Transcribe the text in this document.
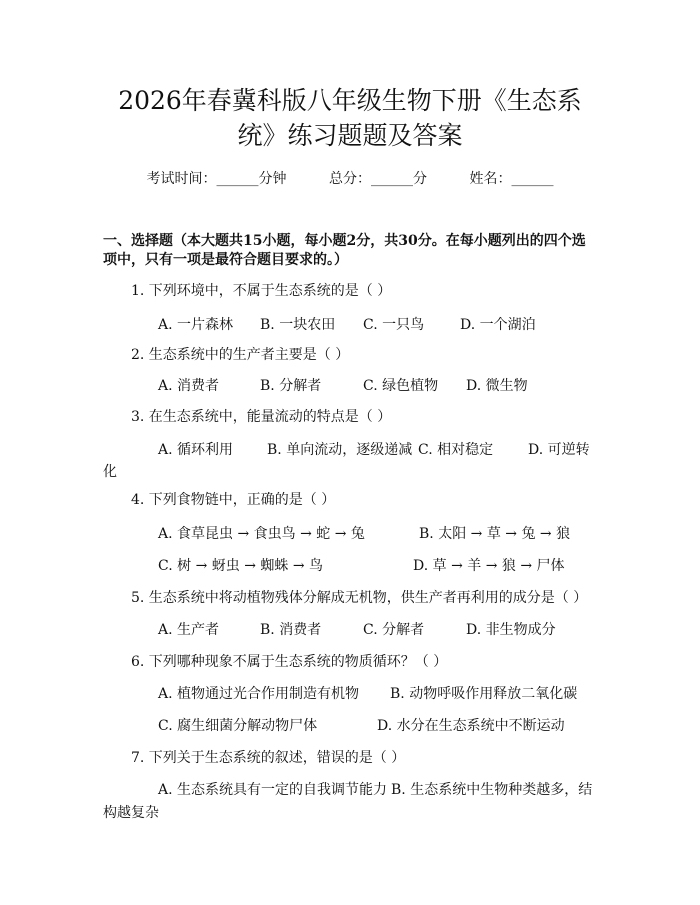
2026年春冀科版八年级生物下册《生态系
统》练习题题及答案
考试时间：______分钟	总分：______分	姓名：______
一、选择题（本大题共15小题，每小题2分，共30分。在每小题列出的四个选
项中，只有一项是最符合题目要求的。）
1. 下列环境中，不属于生态系统的是（ ）
A. 一片森林 B. 一块农田 C. 一只鸟	D. 一个湖泊
2. 生态系统中的生产者主要是（ ）
A. 消费者	B. 分解者	C. 绿色植物 D. 微生物
3. 在生态系统中，能量流动的特点是（ ）
A. 循环利用 B. 单向流动，逐级递减 C. 相对稳定 D. 可逆转
化
4. 下列食物链中，正确的是（ ）
A. 食草昆虫 → 食虫鸟 → 蛇 → 兔	B. 太阳 → 草 → 兔 → 狼
C. 树 → 蚜虫 → 蜘蛛 → 鸟	D. 草 → 羊 → 狼 → 尸体
5. 生态系统中将动植物残体分解成无机物，供生产者再利用的成分是（ ）
A. 生产者	B. 消费者	C. 分解者	D. 非生物成分
6. 下列哪种现象不属于生态系统的物质循环？（ ）
A. 植物通过光合作用制造有机物 B. 动物呼吸作用释放二氧化碳
C. 腐生细菌分解动物尸体	D. 水分在生态系统中不断运动
7. 下列关于生态系统的叙述，错误的是（ ）
A. 生态系统具有一定的自我调节能力 B. 生态系统中生物种类越多，结
构越复杂
